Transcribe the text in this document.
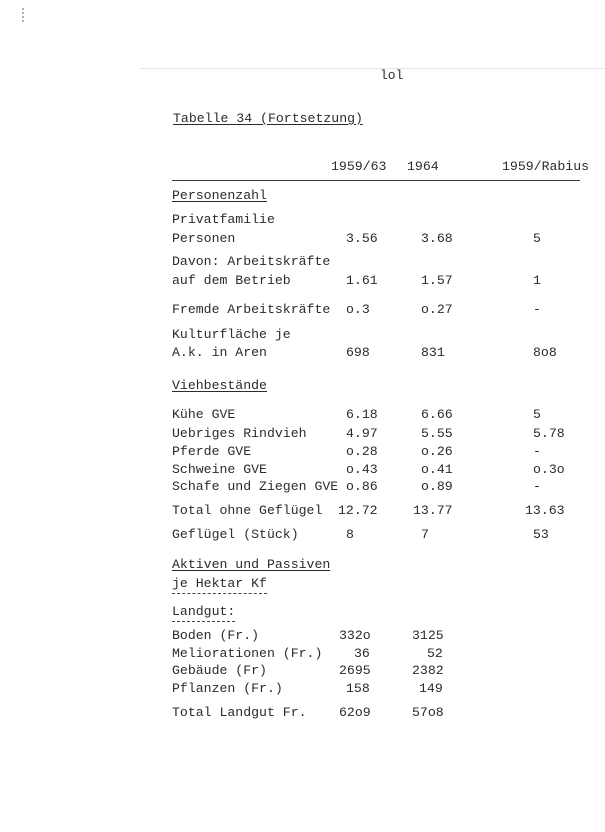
lol
Tabelle 34 (Fortsetzung)
1959/63 1964	1959/Rabius
Personenzahl
Privatfamilie
Personen	3.56	3.68	5
Davon: Arbeitskräfte
auf dem Betrieb	1.61	1.57	1
Fremde Arbeitskräfte o.3	o.27	-
Kulturfläche je
A.k. in Aren	698	831	8o8
Viehbestände
Kühe GVE	6.18	6.66	5
Uebriges Rindvieh	4.97	5.55	5.78
Pferde GVE	o.28	o.26	-
Schweine GVE	o.43	o.41	o.3o
Schafe und Ziegen GVE o.86	o.89	-
Total ohne Geflügel 12.72	13.77	13.63
Geflügel (Stück)	8	7	53
Aktiven und Passiven
je Hektar Kf
Landgut:
Boden (Fr.)	332o	3125
Meliorationen (Fr.) 36	52
Gebäude (Fr)	2695	2382
Pflanzen (Fr.)	158	149
Total Landgut Fr. 62o9	57o8
